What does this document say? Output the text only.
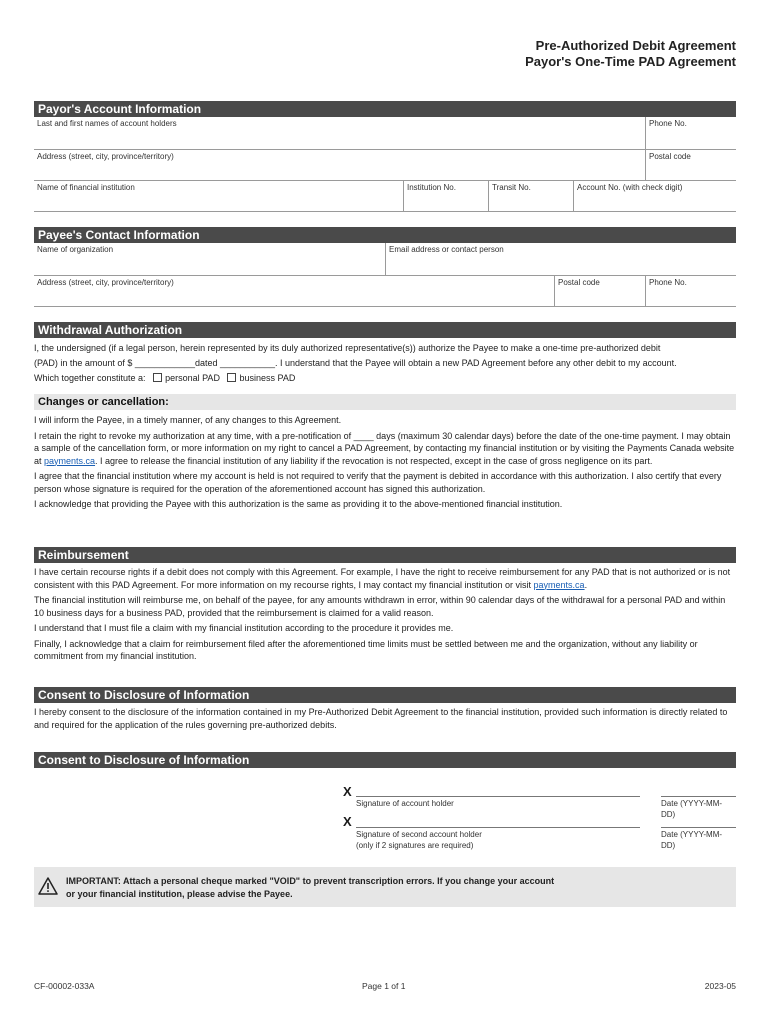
Pre-Authorized Debit Agreement
Payor's One-Time PAD Agreement
Payor's Account Information
Last and first names of account holders	Phone No.
Address (street, city, province/territory)	Postal code
Name of financial institution	Institution No.	Transit No.	Account No. (with check digit)
Payee's Contact Information
Name of organization	Email address or contact person
Address (street, city, province/territory)	Postal code	Phone No.
Withdrawal Authorization
I, the undersigned (if a legal person, herein represented by its duly authorized representative(s)) authorize the Payee to make a one-time pre-authorized debit
(PAD) in the amount of $ ____________dated ___________. I understand that the Payee will obtain a new PAD Agreement before any other debit to my account.
Which together constitute a: personal PAD business PAD
Changes or cancellation:

I will inform the Payee, in a timely manner, of any changes to this Agreement.

I retain the right to revoke my authorization at any time, with a pre-notification of ____ days (maximum 30 calendar days) before the date of the one-time payment. I may obtain a sample of the cancellation form, or more information on my right to cancel a PAD Agreement, by contacting my financial institution or by visiting the Payments Canada website at payments.ca. I agree to release the financial institution of any liability if the revocation is not respected, except in the case of gross negligence on its part.

I agree that the financial institution where my account is held is not required to verify that the payment is debited in accordance with this authorization. I also certify that every person whose signature is required for the operation of the aforementioned account has signed this authorization.

I acknowledge that providing the Payee with this authorization is the same as providing it to the above-mentioned financial institution.

Reimbursement

I have certain recourse rights if a debit does not comply with this Agreement. For example, I have the right to receive reimbursement for any PAD that is not authorized or is not consistent with this PAD Agreement. For more information on my recourse rights, I may contact my financial institution or visit payments.ca.

The financial institution will reimburse me, on behalf of the payee, for any amounts withdrawn in error, within 90 calendar days of the withdrawal for a personal PAD and within 10 business days for a business PAD, provided that the reimbursement is claimed for a valid reason.

I understand that I must file a claim with my financial institution according to the procedure it provides me.

Finally, I acknowledge that a claim for reimbursement filed after the aforementioned time limits must be settled between me and the organization, without any liability or commitment from my financial institution.

Consent to Disclosure of Information
I hereby consent to the disclosure of the information contained in my Pre-Authorized Debit Agreement to the financial institution, provided such information is directly related to and required for the application of the rules governing pre-authorized debits.
Consent to Disclosure of Information
X
Signature of account holder	Date (YYYY-MM-DD)
X
Signature of second account holder
(only if 2 signatures are required)
Date (YYYY-MM-DD)
IMPORTANT: Attach a personal cheque marked "VOID" to prevent transcription errors. If you change your account
or your financial institution, please advise the Payee.
CF-00002-033A	Page 1 of 1	2023-05
